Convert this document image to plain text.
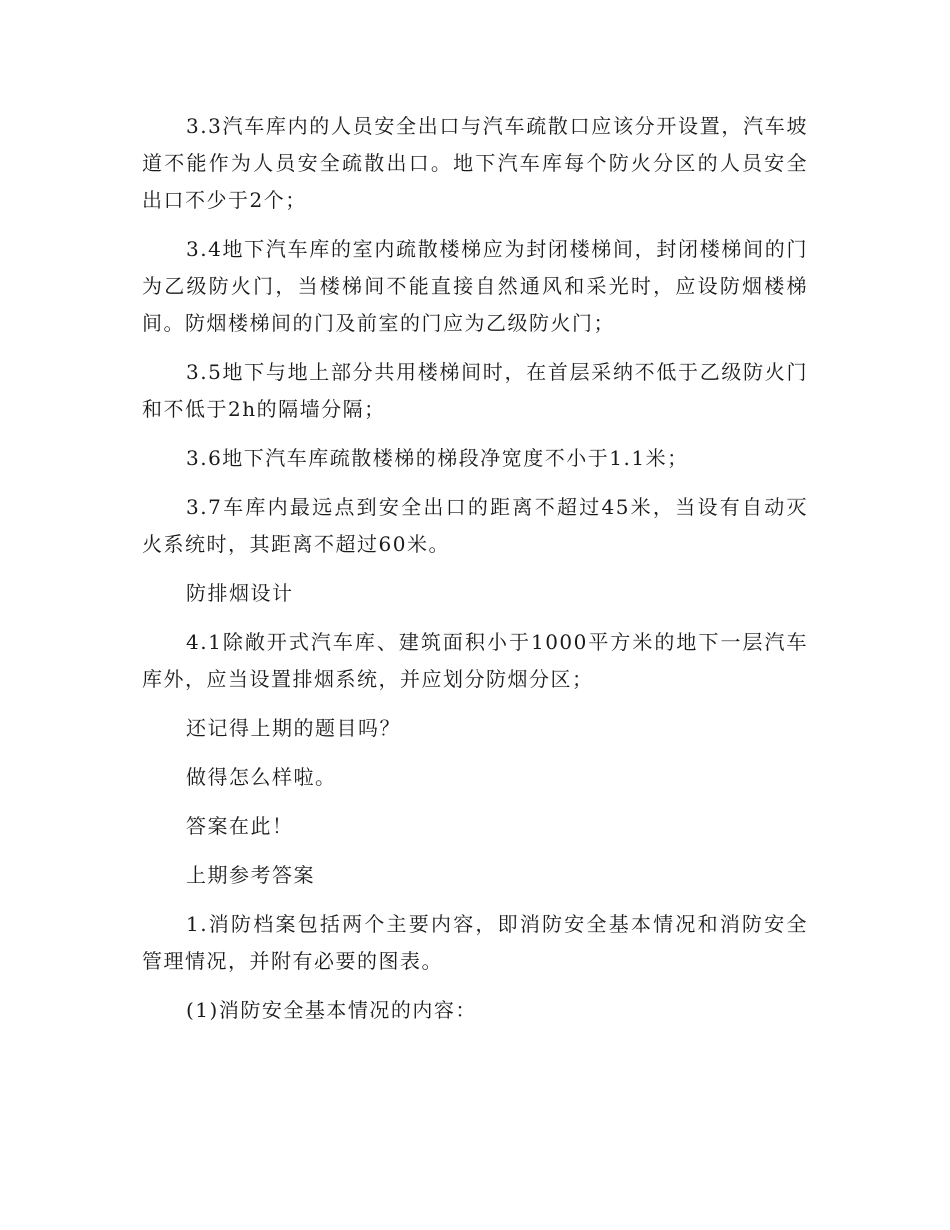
3.3汽车库内的人员安全出口与汽车疏散口应该分开设置，汽车坡道不能作为人员安全疏散出口。地下汽车库每个防火分区的人员安全出口不少于2个；

3.4地下汽车库的室内疏散楼梯应为封闭楼梯间，封闭楼梯间的门为乙级防火门，当楼梯间不能直接自然通风和采光时，应设防烟楼梯间。防烟楼梯间的门及前室的门应为乙级防火门；

3.5地下与地上部分共用楼梯间时，在首层采纳不低于乙级防火门和不低于2h的隔墙分隔；

3.6地下汽车库疏散楼梯的梯段净宽度不小于1.1米；

3.7车库内最远点到安全出口的距离不超过45米，当设有自动灭火系统时，其距离不超过60米。

防排烟设计

4.1除敞开式汽车库、建筑面积小于1000平方米的地下一层汽车库外，应当设置排烟系统，并应划分防烟分区；

还记得上期的题目吗？

做得怎么样啦。

答案在此！

上期参考答案

1.消防档案包括两个主要内容，即消防安全基本情况和消防安全管理情况，并附有必要的图表。

(1)消防安全基本情况的内容：
